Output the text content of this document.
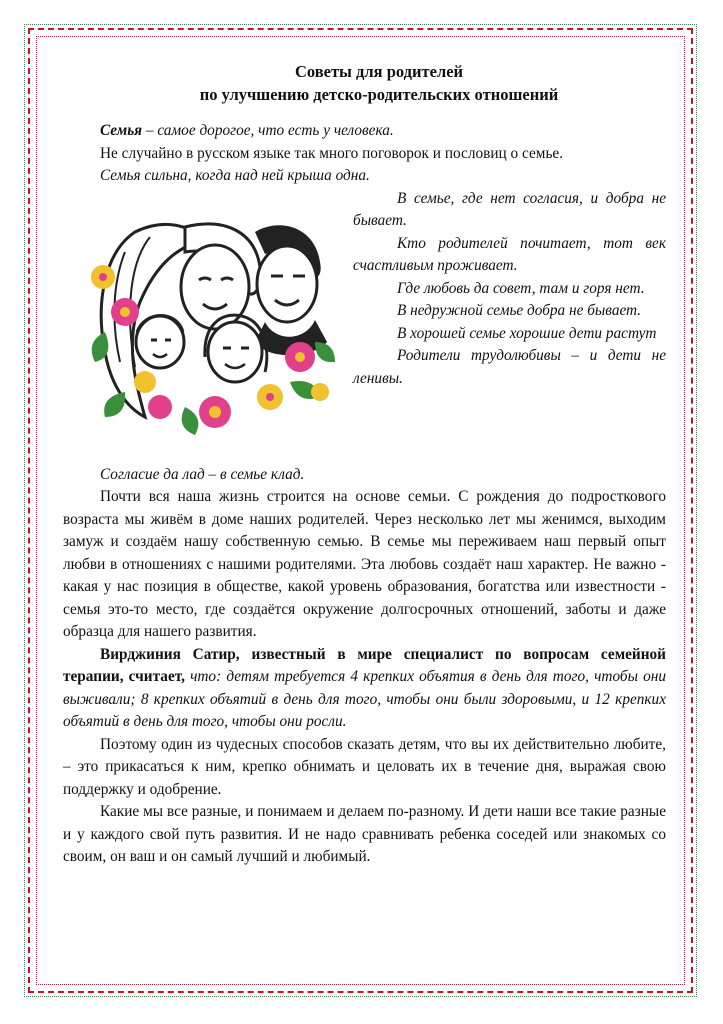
Советы для родителей
по улучшению детско-родительских отношений

Семья – самое дорогое, что есть у человека.

Не случайно в русском языке так много поговорок и пословиц о семье.

Семья сильна, когда над ней крыша одна.

В семье, где нет согласия, и добра не бывает.

Кто родителей почитает, тот век счастливым проживает.

Где любовь да совет, там и горя нет.

В недружной семье добра не бывает.

В хорошей семье хорошие дети растут

Родители трудолюбивы – и дети не ленивы.

Согласие да лад – в семье клад.

Почти вся наша жизнь строится на основе семьи. С рождения до подросткового возраста мы живём в доме наших родителей. Через несколько лет мы женимся, выходим замуж и создаём нашу собственную семью. В семье мы переживаем наш первый опыт любви в отношениях с нашими родителями. Эта любовь создаёт наш характер. Не важно - какая у нас позиция в обществе, какой уровень образования, богатства или известности - семья это-то место, где создаётся окружение долгосрочных отношений, заботы и даже образца для нашего развития.

Вирджиния Сатир, известный в мире специалист по вопросам семейной терапии, считает, что: детям требуется 4 крепких объятия в день для того, чтобы они выживали; 8 крепких объятий в день для того, чтобы они были здоровыми, и 12 крепких объятий в день для того, чтобы они росли.

Поэтому один из чудесных способов сказать детям, что вы их действительно любите, – это прикасаться к ним, крепко обнимать и целовать их в течение дня, выражая свою поддержку и одобрение.

Какие мы все разные, и понимаем и делаем по-разному. И дети наши все такие разные и у каждого свой путь развития. И не надо сравнивать ребенка соседей или знакомых со своим, он ваш и он самый лучший и любимый.
